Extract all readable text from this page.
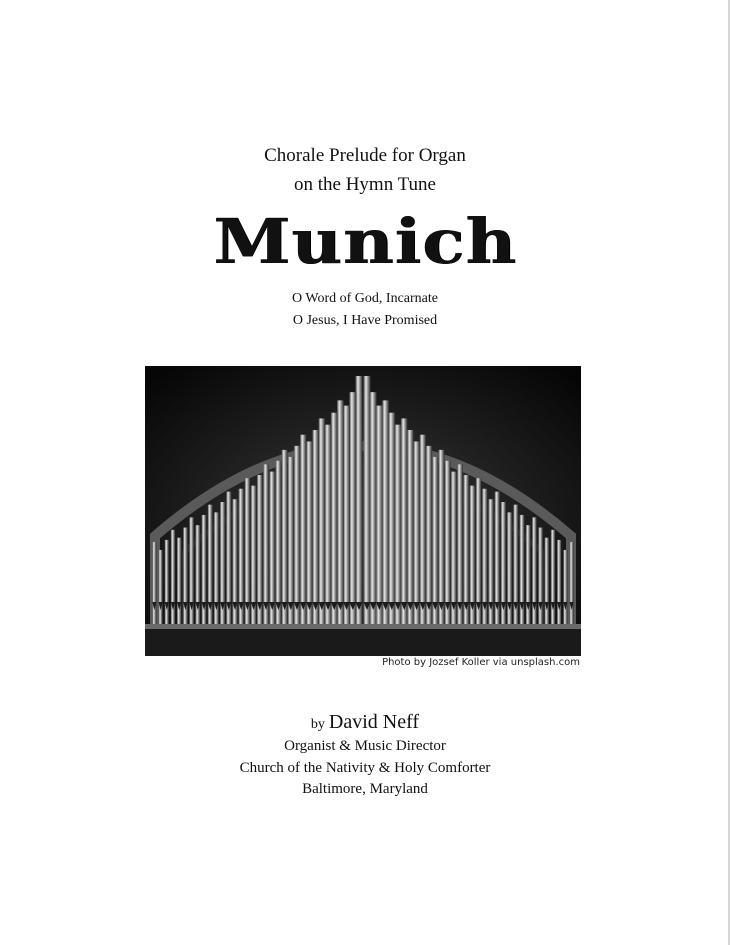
Chorale Prelude for Organ
on the Hymn Tune
Munich
O Word of God, Incarnate
O Jesus, I Have Promised
Photo by Jozsef Koller via unsplash.com
by David Neff
Organist & Music Director
Church of the Nativity & Holy Comforter
Baltimore, Maryland
